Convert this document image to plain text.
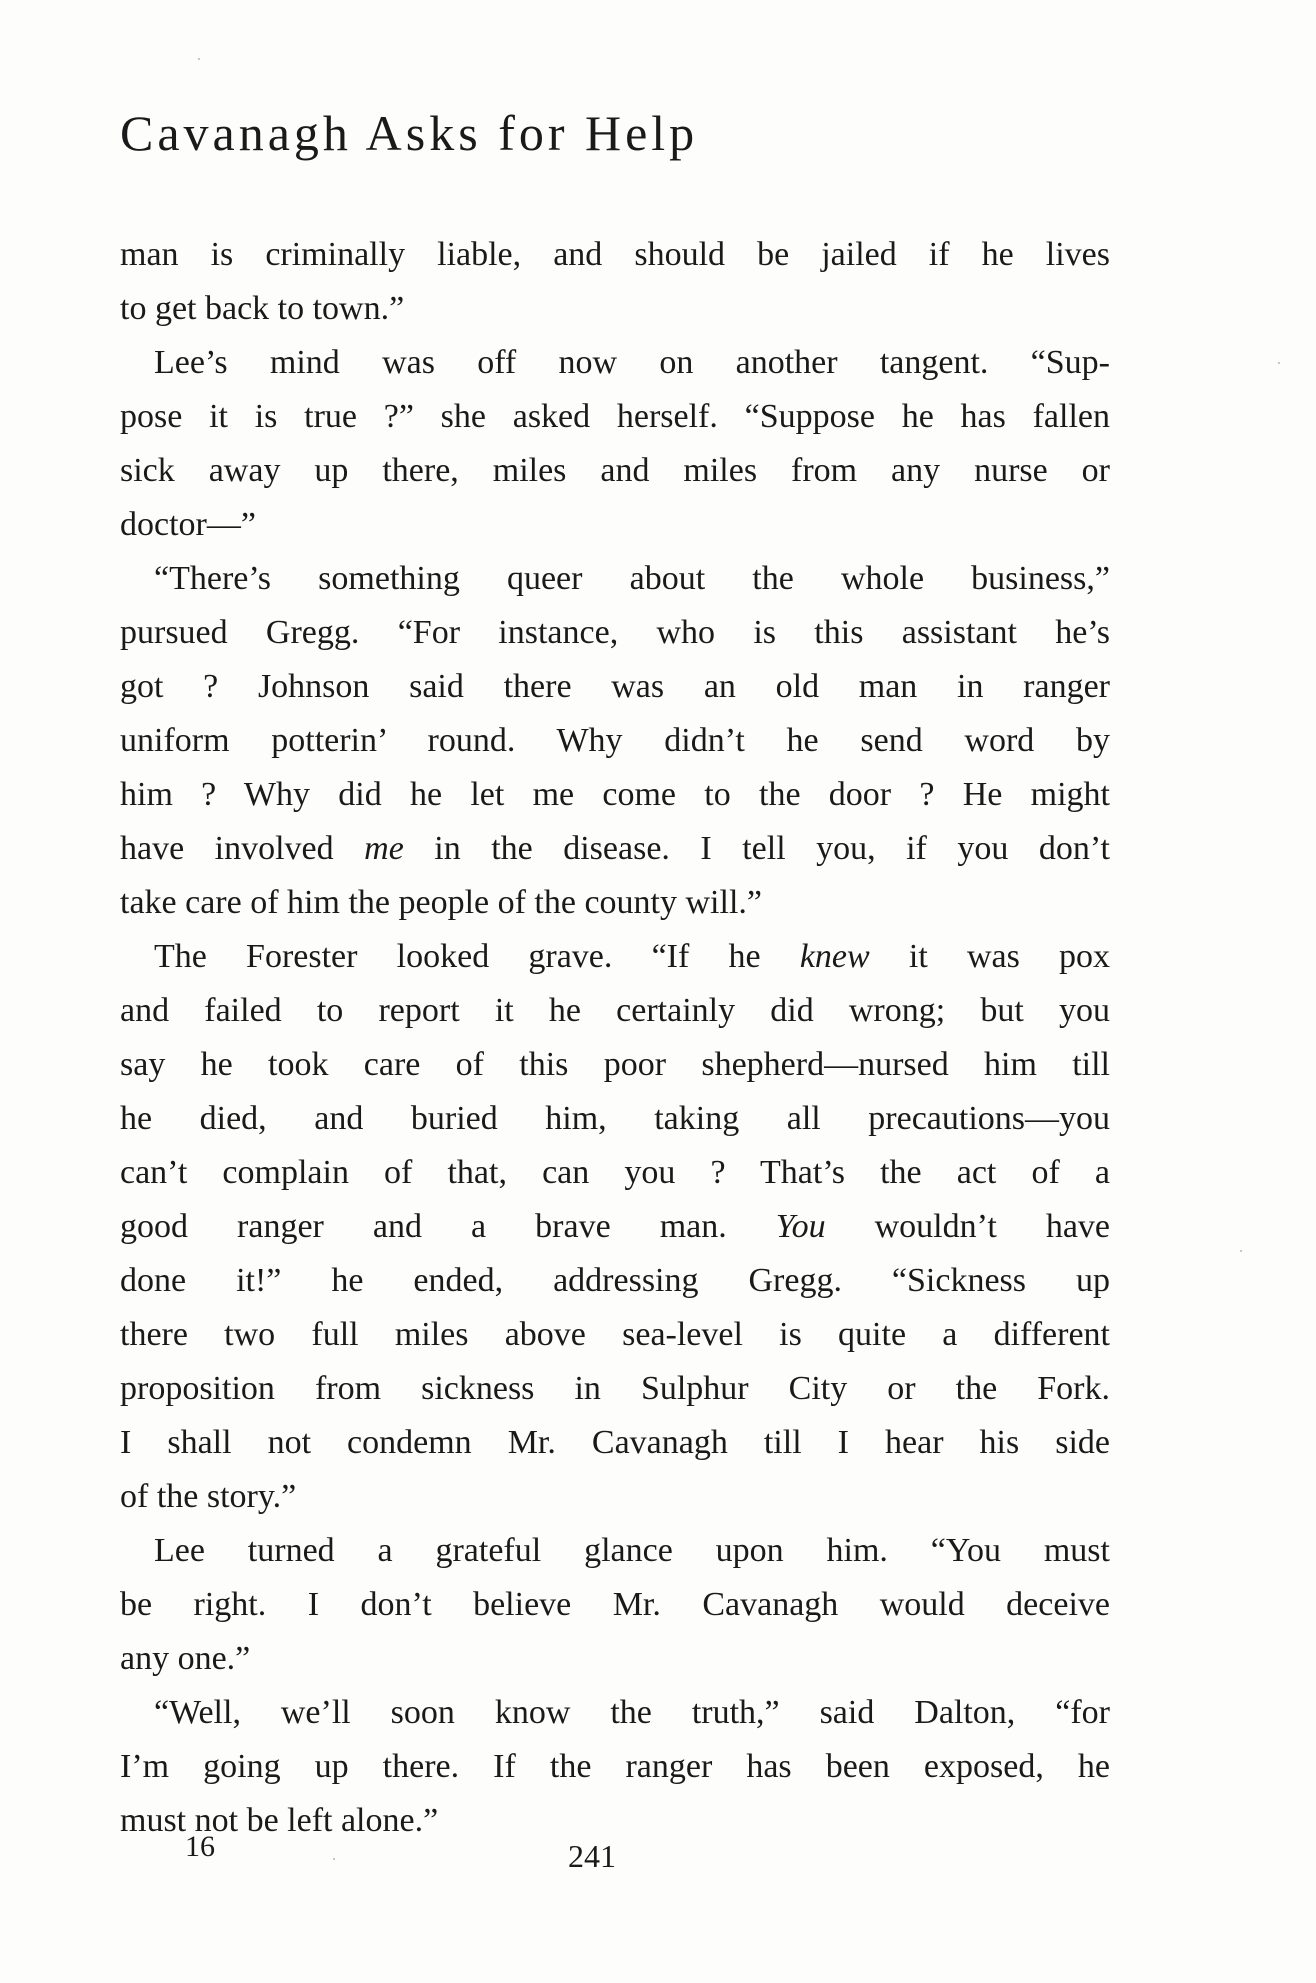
Cavanagh Asks for Help
man is criminally liable, and should be jailed if he lives
to get back to town.”
Lee’s mind was off now on another tangent. “Sup-
pose it is true ?” she asked herself. “Suppose he has fallen
sick away up there, miles and miles from any nurse or
doctor—”
“There’s something queer about the whole business,”
pursued Gregg. “For instance, who is this assistant he’s
got ? Johnson said there was an old man in ranger
uniform potterin’ round. Why didn’t he send word by
him ? Why did he let me come to the door ? He might
have involved me in the disease. I tell you, if you don’t
take care of him the people of the county will.”
The Forester looked grave. “If he knew it was pox
and failed to report it he certainly did wrong; but you
say he took care of this poor shepherd—nursed him till
he died, and buried him, taking all precautions—you
can’t complain of that, can you ? That’s the act of a
good ranger and a brave man. You wouldn’t have
done it!” he ended, addressing Gregg. “Sickness up
there two full miles above sea-level is quite a different
proposition from sickness in Sulphur City or the Fork.
I shall not condemn Mr. Cavanagh till I hear his side
of the story.”
Lee turned a grateful glance upon him. “You must
be right. I don’t believe Mr. Cavanagh would deceive
any one.”
“Well, we’ll soon know the truth,” said Dalton, “for
I’m going up there. If the ranger has been exposed, he
must not be left alone.”
16	241
